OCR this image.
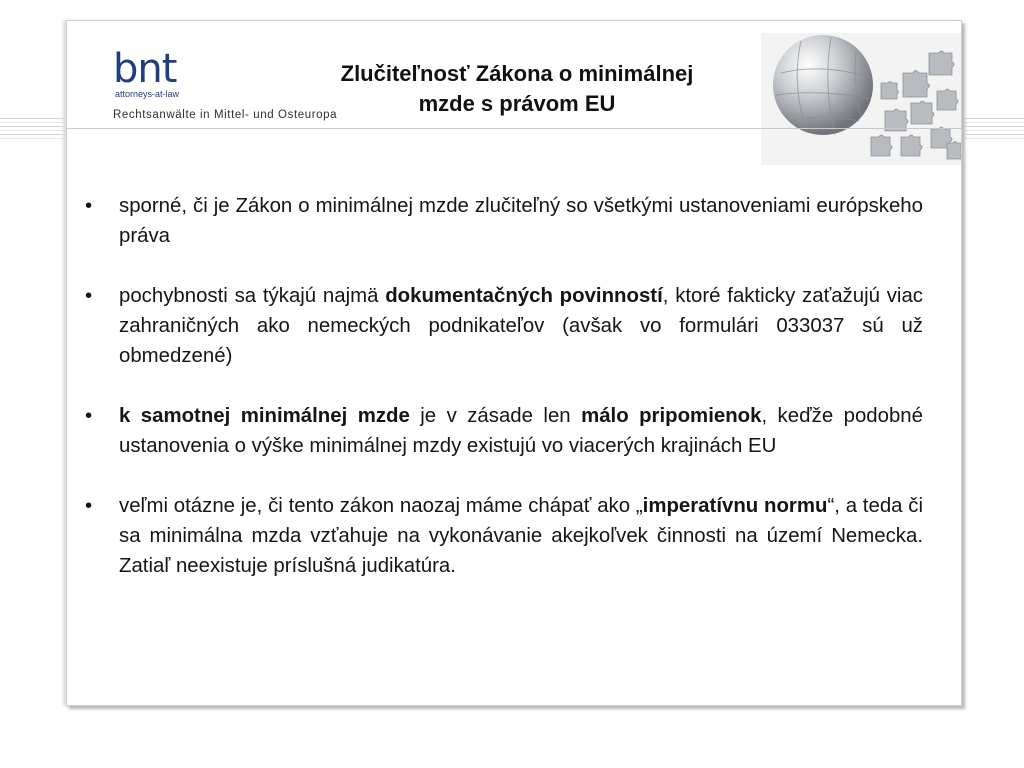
bnt
attorneys-at-law
Rechtsanwälte in Mittel- und Osteuropa
Zlučiteľnosť Zákona o minimálnej
mzde s právom EU
• sporné, či je Zákon o minimálnej mzde zlučiteľný so všetkými ustanoveniami európskeho práva
• pochybnosti sa týkajú najmä dokumentačných povinností, ktoré fakticky zaťažujú viac zahraničných ako nemeckých podnikateľov (avšak vo formulári 033037 sú už obmedzené)
• k samotnej minimálnej mzde je v zásade len málo pripomienok, keďže podobné ustanovenia o výške minimálnej mzdy existujú vo viacerých krajinách EU
• veľmi otázne je, či tento zákon naozaj máme chápať ako „imperatívnu normu“, a teda či sa minimálna mzda vzťahuje na vykonávanie akejkoľvek činnosti na území Nemecka. Zatiaľ neexistuje príslušná judikatúra.
